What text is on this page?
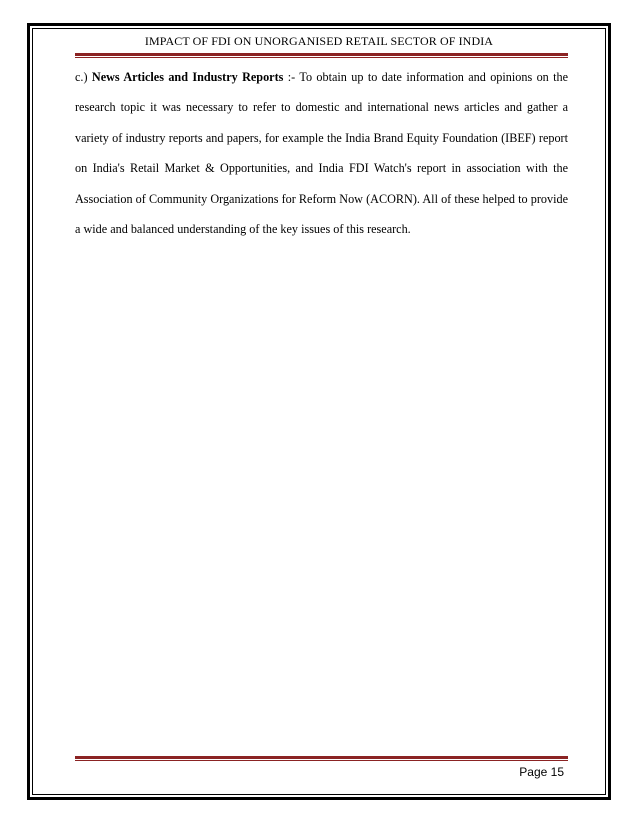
IMPACT OF FDI ON UNORGANISED RETAIL SECTOR OF INDIA
c.) News Articles and Industry Reports :- To obtain up to date information and opinions on the research topic it was necessary to refer to domestic and international news articles and gather a variety of industry reports and papers, for example the India Brand Equity Foundation (IBEF) report on India's Retail Market & Opportunities, and India FDI Watch's report in association with the Association of Community Organizations for Reform Now (ACORN). All of these helped to provide a wide and balanced understanding of the key issues of this research.
Page 15
